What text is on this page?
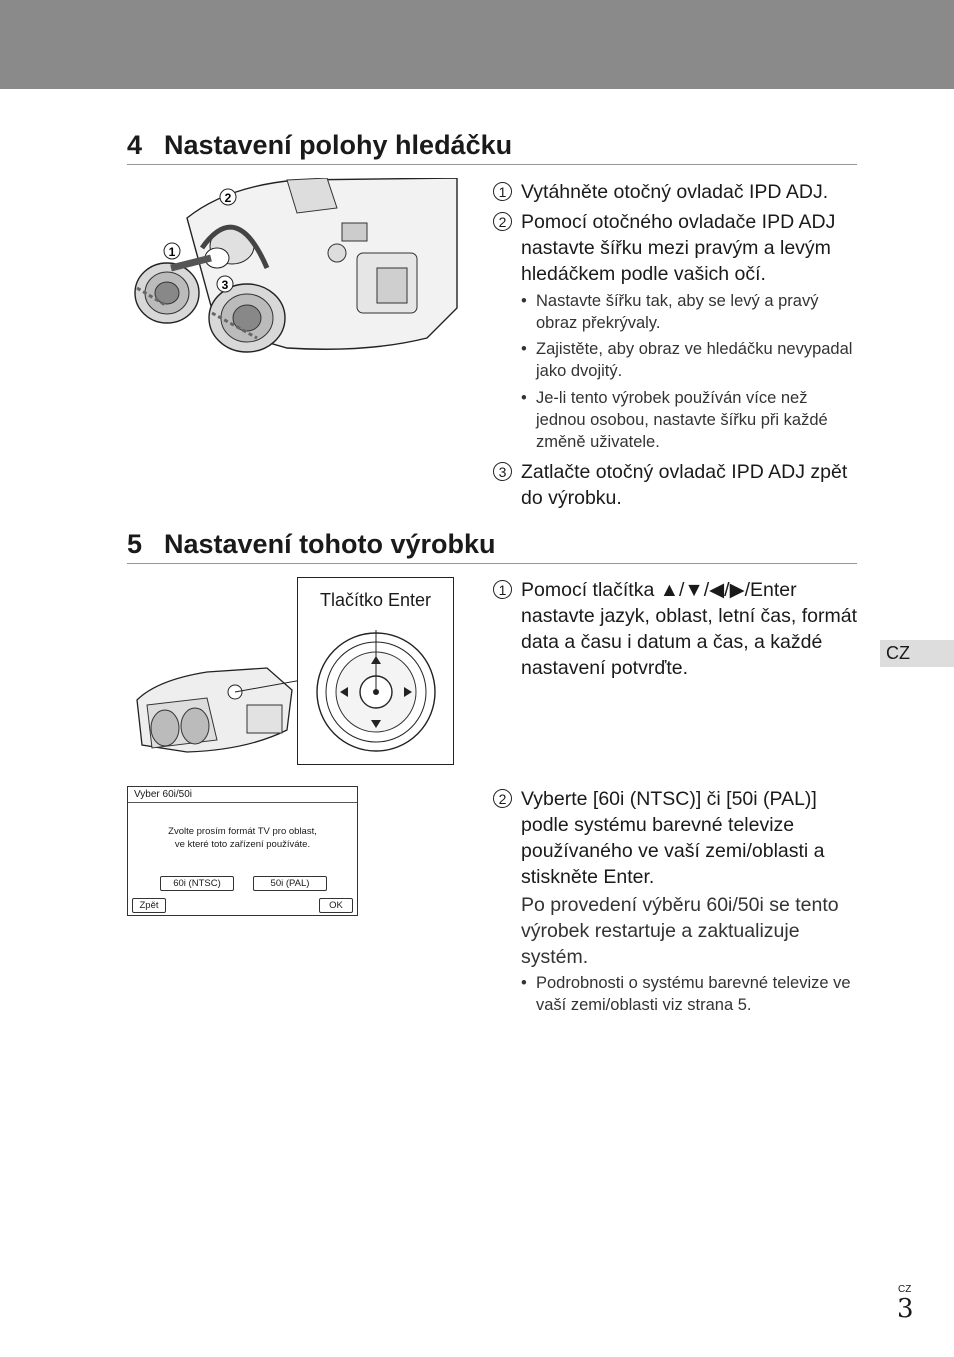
4 Nastavení polohy hledáčku
2
1
3
1 Vytáhněte otočný ovladač IPD ADJ.
2 Pomocí otočného ovladače IPD ADJ nastavte šířku mezi pravým a levým hledáčkem podle vašich očí.
• Nastavte šířku tak, aby se levý a pravý obraz překrývaly.
• Zajistěte, aby obraz ve hledáčku nevypadal jako dvojitý.
• Je-li tento výrobek používán více než jednou osobou, nastavte šířku při každé změně uživatele.
3 Zatlačte otočný ovladač IPD ADJ zpět do výrobku.
5 Nastavení tohoto výrobku
Tlačítko Enter	1 Pomocí tlačítka ▲/▼/◀/▶/Enter nastavte jazyk, oblast, letní čas, formát data a času i datum a čas, a každé nastavení potvrďte.
CZ
Vyber 60i/50i
Zvolte prosím formát TV pro oblast,
ve které toto zařízení používáte.
60i (NTSC)	50i (PAL)
Zpět	OK
2 Vyberte [60i (NTSC)] či [50i (PAL)] podle systému barevné televize používaného ve vaší zemi/oblasti a stiskněte Enter.
Po provedení výběru 60i/50i se tento výrobek restartuje a zaktualizuje systém.
• Podrobnosti o systému barevné televize ve vaší zemi/oblasti viz strana 5.
CZ
3
